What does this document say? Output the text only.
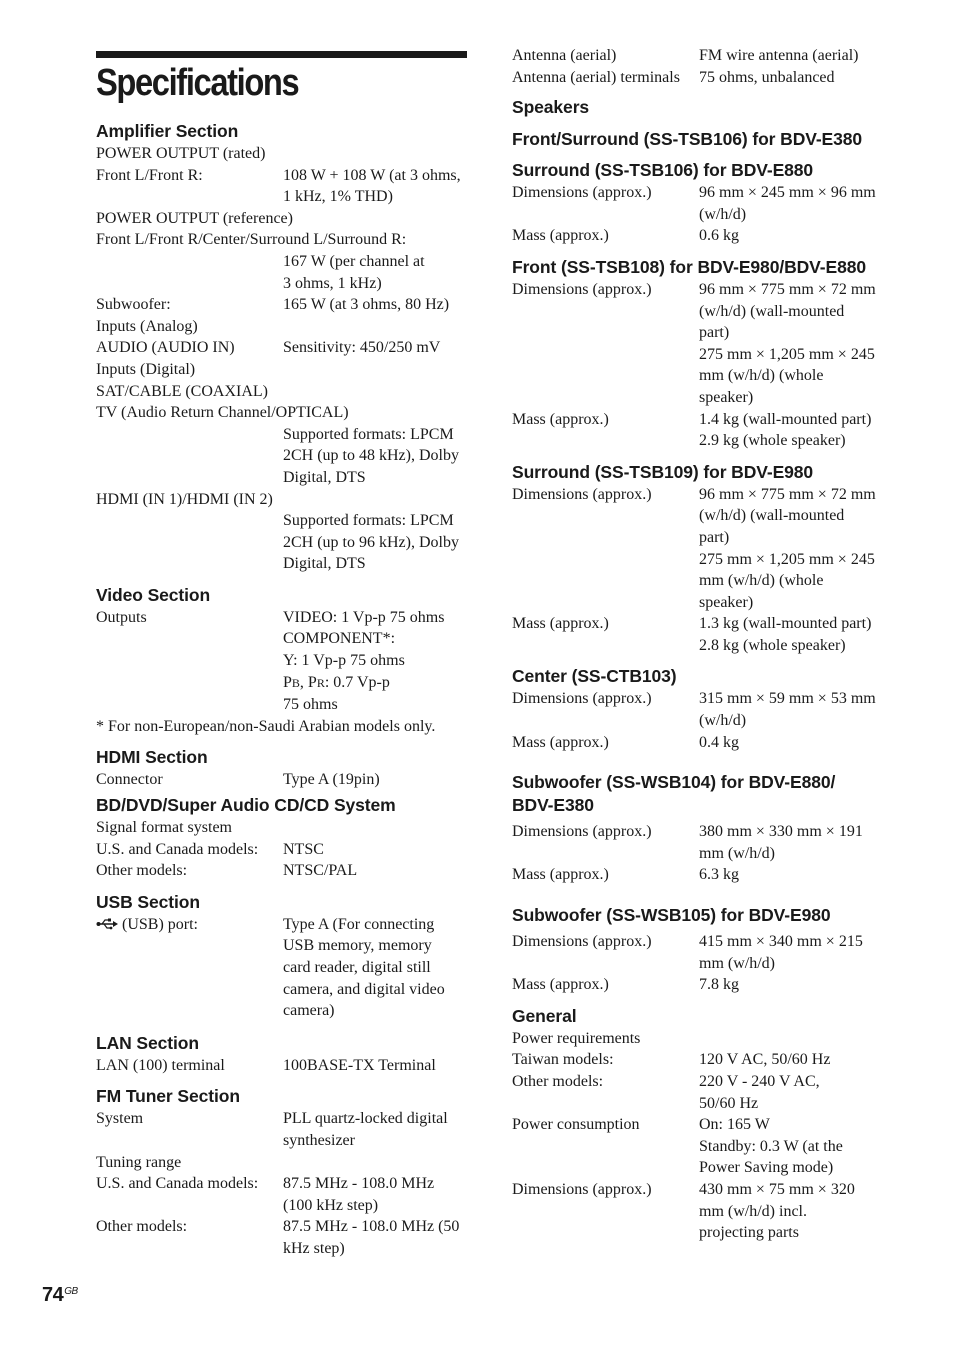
Specifications
Amplifier Section
POWER OUTPUT (rated)
Front L/Front R:	108 W + 108 W (at 3 ohms,
1 kHz, 1% THD)
POWER OUTPUT (reference)
Front L/Front R/Center/Surround L/Surround R:
167 W (per channel at
3 ohms, 1 kHz)
Subwoofer:	165 W (at 3 ohms, 80 Hz)
Inputs (Analog)
AUDIO (AUDIO IN)	Sensitivity: 450/250 mV
Inputs (Digital)
SAT/CABLE (COAXIAL)
TV (Audio Return Channel/OPTICAL)
Supported formats: LPCM
2CH (up to 48 kHz), Dolby
Digital, DTS
HDMI (IN 1)/HDMI (IN 2)
Supported formats: LPCM
2CH (up to 96 kHz), Dolby
Digital, DTS
Video Section
Outputs	VIDEO: 1 Vp-p 75 ohms
COMPONENT*:
Y: 1 Vp-p 75 ohms
PB, PR: 0.7 Vp-p
75 ohms
* For non-European/non-Saudi Arabian models only.
HDMI Section
Connector	Type A (19pin)
BD/DVD/Super Audio CD/CD System
Signal format system
U.S. and Canada models:	NTSC
Other models:	NTSC/PAL
USB Section
(USB) port:	Type A (For connecting
USB memory, memory
card reader, digital still
camera, and digital video
camera)
LAN Section
LAN (100) terminal	100BASE-TX Terminal
FM Tuner Section
System	PLL quartz-locked digital
synthesizer
Tuning range
U.S. and Canada models:	87.5 MHz - 108.0 MHz
(100 kHz step)
Other models:	87.5 MHz - 108.0 MHz (50
kHz step)
Antenna (aerial)	FM wire antenna (aerial)
Antenna (aerial) terminals	75 ohms, unbalanced
Speakers
Front/Surround (SS-TSB106) for BDV-E380
Surround (SS-TSB106) for BDV-E880
Dimensions (approx.)	96 mm × 245 mm × 96 mm
(w/h/d)
Mass (approx.)	0.6 kg
Front (SS-TSB108) for BDV-E980/BDV-E880
Dimensions (approx.)	96 mm × 775 mm × 72 mm
(w/h/d) (wall-mounted
part)
275 mm × 1,205 mm × 245
mm (w/h/d) (whole
speaker)
Mass (approx.)	1.4 kg (wall-mounted part)
2.9 kg (whole speaker)
Surround (SS-TSB109) for BDV-E980
Dimensions (approx.)	96 mm × 775 mm × 72 mm
(w/h/d) (wall-mounted
part)
275 mm × 1,205 mm × 245
mm (w/h/d) (whole
speaker)
Mass (approx.)	1.3 kg (wall-mounted part)
2.8 kg (whole speaker)
Center (SS-CTB103)
Dimensions (approx.)	315 mm × 59 mm × 53 mm
(w/h/d)
Mass (approx.)	0.4 kg
Subwoofer (SS-WSB104) for BDV-E880/
BDV-E380
Dimensions (approx.)	380 mm × 330 mm × 191
mm (w/h/d)
Mass (approx.)	6.3 kg
Subwoofer (SS-WSB105) for BDV-E980
Dimensions (approx.)	415 mm × 340 mm × 215
mm (w/h/d)
Mass (approx.)	7.8 kg
General
Power requirements
Taiwan models:	120 V AC, 50/60 Hz
Other models:	220 V - 240 V AC,
50/60 Hz
Power consumption	On: 165 W
Standby: 0.3 W (at the
Power Saving mode)
Dimensions (approx.)	430 mm × 75 mm × 320
mm (w/h/d) incl.
projecting parts
$74^{GB}$
